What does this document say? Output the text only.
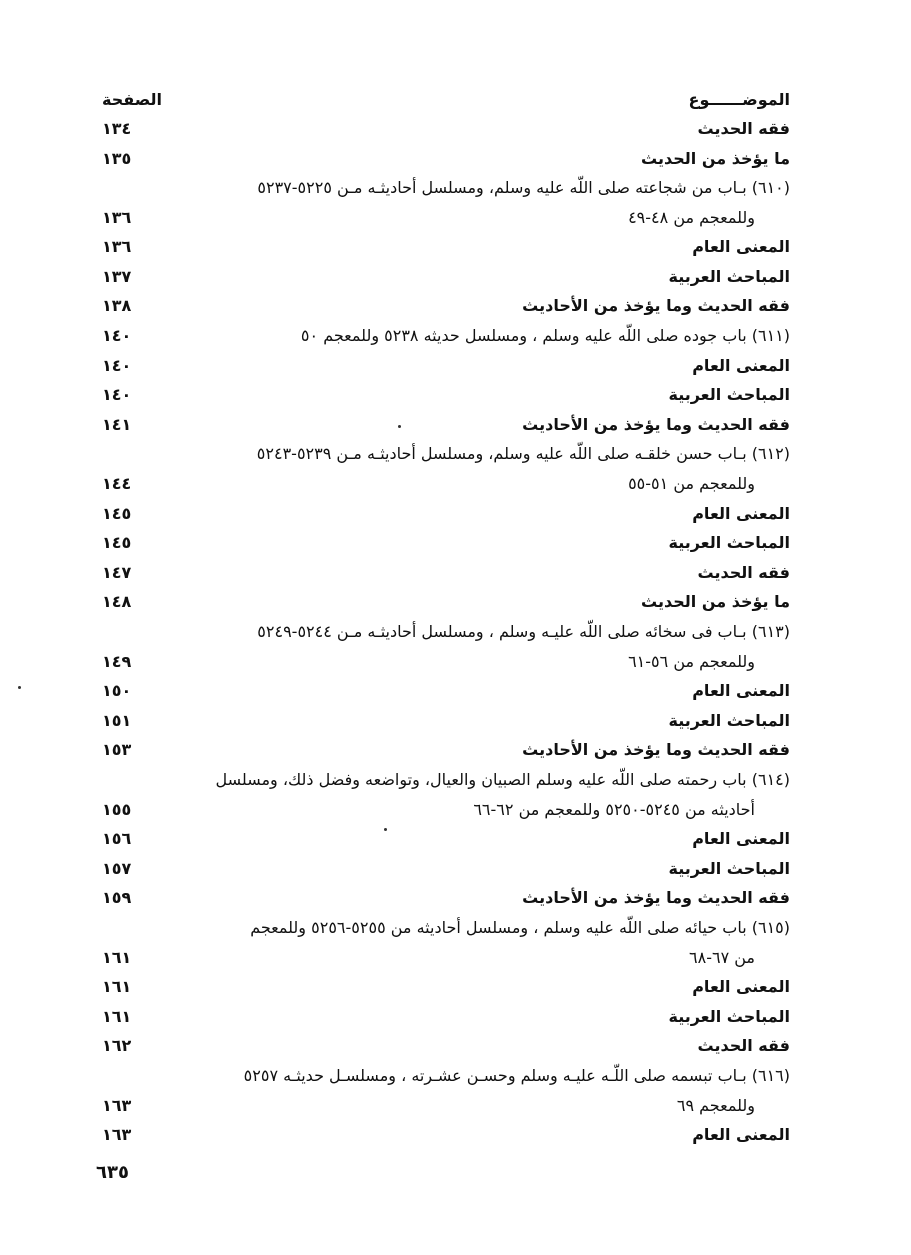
الموضــــــوع
الصفحة
فقه الحديث
١٣٤
ما يؤخذ من الحديث
١٣٥
(٦١٠) بـاب من شجاعته صلى اللّه عليه وسلم، ومسلسل أحاديثـه مـن ٥٢٢٥-٥٢٣٧
وللمعجم من ٤٨-٤٩
١٣٦
المعنى العام
١٣٦
المباحث العربية
١٣٧
فقه الحديث وما يؤخذ من الأحاديث
١٣٨
(٦١١) باب جوده صلى اللّه عليه وسلم ، ومسلسل حديثه ٥٢٣٨ وللمعجم ٥٠
١٤٠
المعنى العام
١٤٠
المباحث العربية
١٤٠
فقه الحديث وما يؤخذ من الأحاديث
١٤١
(٦١٢) بـاب حسن خلقـه صلى اللّه عليه وسلم، ومسلسل أحاديثـه مـن ٥٢٣٩-٥٢٤٣
وللمعجم من ٥١-٥٥
١٤٤
المعنى العام
١٤٥
المباحث العربية
١٤٥
فقه الحديث
١٤٧
ما يؤخذ من الحديث
١٤٨
(٦١٣) بـاب فى سخائه صلى اللّه عليـه وسلم ، ومسلسل أحاديثـه مـن ٥٢٤٤-٥٢٤٩
وللمعجم من ٥٦-٦١
١٤٩
المعنى العام
١٥٠
المباحث العربية
١٥١
فقه الحديث وما يؤخذ من الأحاديث
١٥٣
(٦١٤) باب رحمته صلى اللّه عليه وسلم الصبيان والعيال، وتواضعه وفضل ذلك، ومسلسل
أحاديثه من ٥٢٤٥-٥٢٥٠ وللمعجم من ٦٢-٦٦
١٥٥
المعنى العام
١٥٦
المباحث العربية
١٥٧
فقه الحديث وما يؤخذ من الأحاديث
١٥٩
(٦١٥) باب حيائه صلى اللّه عليه وسلم ، ومسلسل أحاديثه من ٥٢٥٥-٥٢٥٦ وللمعجم
من ٦٧-٦٨
١٦١
المعنى العام
١٦١
المباحث العربية
١٦١
فقه الحديث
١٦٢
(٦١٦) بـاب تبسمه صلى اللّـه عليـه وسلم وحسـن عشـرته ، ومسلسـل حديثـه ٥٢٥٧
وللمعجم ٦٩
١٦٣
المعنى العام
١٦٣
٦٣٥
